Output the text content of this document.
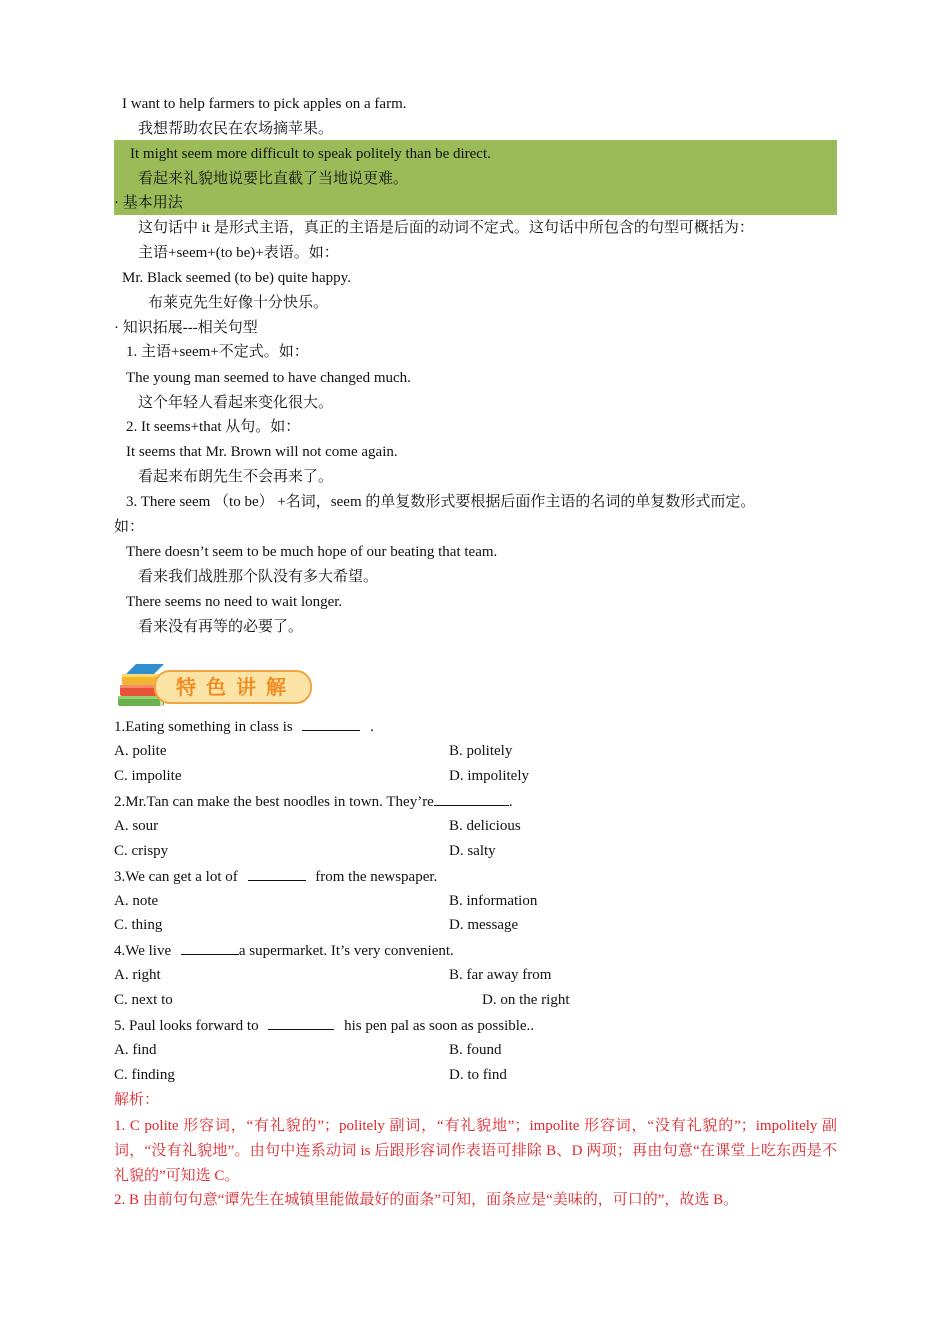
I want to help farmers to pick apples on a farm.
我想帮助农民在农场摘苹果。
It might seem more difficult to speak politely than be direct.
看起来礼貌地说要比直截了当地说更难。
· 基本用法
这句话中 it 是形式主语，真正的主语是后面的动词不定式。这句话中所包含的句型可概括为：
主语+seem+(to be)+表语。如：
Mr. Black seemed (to be) quite happy.
布莱克先生好像十分快乐。
· 知识拓展---相关句型
1. 主语+seem+不定式。如：
The young man seemed to have changed much.
这个年轻人看起来变化很大。
2. It seems+that 从句。如：
It seems that Mr. Brown will not come again.
看起来布朗先生不会再来了。
3. There seem （to be） +名词，seem 的单复数形式要根据后面作主语的名词的单复数形式而定。
如：
There doesn’t seem to be much hope of our beating that team.
看来我们战胜那个队没有多大希望。
There seems no need to wait longer.
看来没有再等的必要了。
特色讲解
1.Eating something in class is	.
A. polite	B. politely
C. impolite	D. impolitely
2.Mr.Tan can make the best noodles in town. They’re	.
A. sour	B. delicious
C. crispy	D. salty
3.We can get a lot of	from the newspaper.
A. note	B. information
C. thing	D. message
4.We live	a supermarket. It’s very convenient.
A. right	B. far away from
C. next to	D. on the right
5. Paul looks forward to	his pen pal as soon as possible..
A. find	B. found
C. finding	D. to find
解析：
1. C polite 形容词，“有礼貌的”；politely 副词，“有礼貌地”；impolite 形容词，“没有礼貌的”；impolitely 副词，“没有礼貌地”。由句中连系动词 is 后跟形容词作表语可排除 B、D 两项；再由句意“在课堂上吃东西是不礼貌的”可知选 C。
2. B 由前句句意“谭先生在城镇里能做最好的面条”可知，面条应是“美味的，可口的”，故选 B。
